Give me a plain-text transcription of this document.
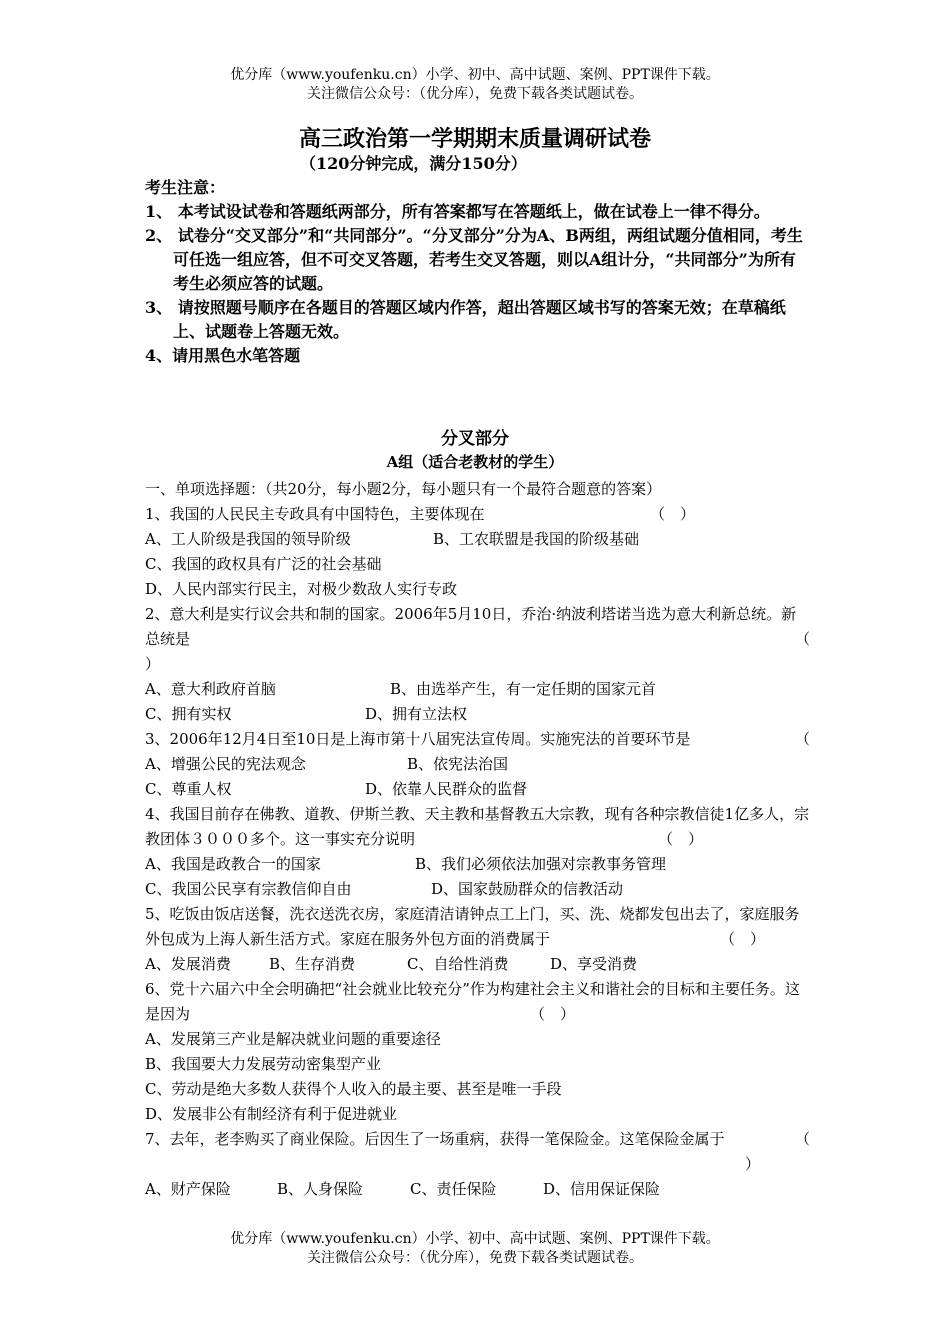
优分库（www.youfenku.cn）小学、初中、高中试题、案例、PPT课件下载。
关注微信公众号：（优分库），免费下载各类试题试卷。
高三政治第一学期期末质量调研试卷
（120分钟完成，满分150分）
考生注意：
1、 本考试设试卷和答题纸两部分，所有答案都写在答题纸上，做在试卷上一律不得分。
2、 试卷分“交叉部分”和“共同部分”。“分叉部分”分为A、B两组，两组试题分值相同，考生可任选一组应答，但不可交叉答题，若考生交叉答题，则以A组计分，“共同部分”为所有考生必须应答的试题。
3、 请按照题号顺序在各题目的答题区域内作答，超出答题区域书写的答案无效；在草稿纸上、试题卷上答题无效。
4、请用黑色水笔答题
分叉部分
A组（适合老教材的学生）
一、单项选择题：（共20分，每小题2分，每小题只有一个最符合题意的答案）
1、我国的人民民主专政具有中国特色，主要体现在	（　）
A、工人阶级是我国的领导阶级	B、工农联盟是我国的阶级基础
C、我国的政权具有广泛的社会基础
D、人民内部实行民主，对极少数敌人实行专政
2、意大利是实行议会共和制的国家。2006年5月10日，乔治·纳波利塔诺当选为意大利新总统。新总统是	（
）
A、意大利政府首脑	B、由选举产生，有一定任期的国家元首
C、拥有实权	D、拥有立法权
3、2006年12月4日至10日是上海市第十八届宪法宣传周。实施宪法的首要环节是	（
A、增强公民的宪法观念	B、依宪法治国
C、尊重人权	D、依靠人民群众的监督
4、我国目前存在佛教、道教、伊斯兰教、天主教和基督教五大宗教，现有各种宗教信徒1亿多人，宗教团体３０００多个。这一事实充分说明	（　）
A、我国是政教合一的国家	B、我们必须依法加强对宗教事务管理
C、我国公民享有宗教信仰自由	D、国家鼓励群众的信教活动
5、吃饭由饭店送餐，洗衣送洗衣房，家庭清洁请钟点工上门，买、洗、烧都发包出去了，家庭服务外包成为上海人新生活方式。家庭在服务外包方面的消费属于	（　）
A、发展消费	B、生存消费	C、自给性消费	D、享受消费
6、党十六届六中全会明确把“社会就业比较充分”作为构建社会主义和谐社会的目标和主要任务。这是因为	（　）
A、发展第三产业是解决就业问题的重要途径
B、我国要大力发展劳动密集型产业
C、劳动是绝大多数人获得个人收入的最主要、甚至是唯一手段
D、发展非公有制经济有利于促进就业
7、去年，老李购买了商业保险。后因生了一场重病，获得一笔保险金。这笔保险金属于	（
）
A、财产保险	B、人身保险	C、责任保险	D、信用保证保险
优分库（www.youfenku.cn）小学、初中、高中试题、案例、PPT课件下载。
关注微信公众号：（优分库），免费下载各类试题试卷。
